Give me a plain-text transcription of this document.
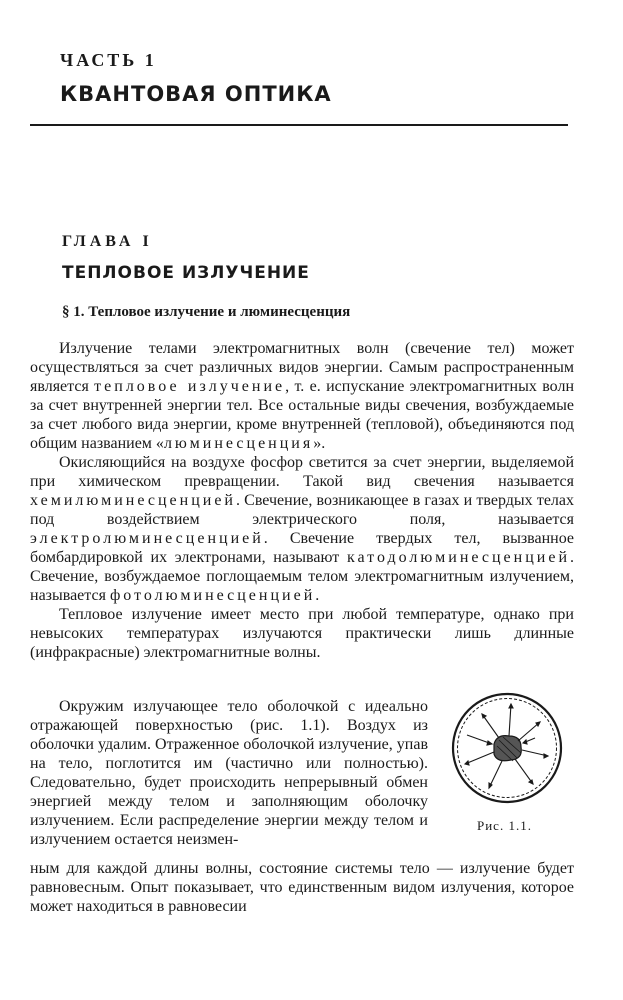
ЧАСТЬ 1
КВАНТОВАЯ ОПТИКА
ГЛАВА I
ТЕПЛОВОЕ ИЗЛУЧЕНИЕ
§ 1. Тепловое излучение и люминесценция

Излучение телами электромагнитных волн (свечение тел) может осуществляться за счет различных видов энергии. Самым распространенным является тепловое излучение, т. е. испускание электромагнитных волн за счет внутренней энергии тел. Все остальные виды свечения, возбуждаемые за счет любого вида энергии, кроме внутренней (тепловой), объединяются под общим названием «люминесценция».

Окисляющийся на воздухе фосфор светится за счет энергии, выделяемой при химическом превращении. Такой вид свечения называется хемилюминесценцией. Свечение, возникающее в газах и твердых телах под воздействием электрического поля, называется электролюминесценцией. Свечение твердых тел, вызванное бомбардировкой их электронами, называют катодолюминесценцией. Свечение, возбуждаемое поглощаемым телом электромагнитным излучением, называется фотолюминесценцией.

Тепловое излучение имеет место при любой температуре, однако при невысоких температурах излучаются практически лишь длинные (инфракрасные) электромагнитные волны.

Окружим излучающее тело оболочкой с идеально отражающей поверхностью (рис. 1.1). Воздух из оболочки удалим. Отраженное оболочкой излучение, упав на тело, поглотится им (частично или полностью). Следовательно, будет происходить непрерывный обмен энергией между телом и заполняющим оболочку излучением. Если распределение энергии между телом и излучением остается неизмен-

ным для каждой длины волны, состояние системы тело — излучение будет равновесным. Опыт показывает, что единственным видом излучения, которое может находиться в равновесии

Рис. 1.1.
